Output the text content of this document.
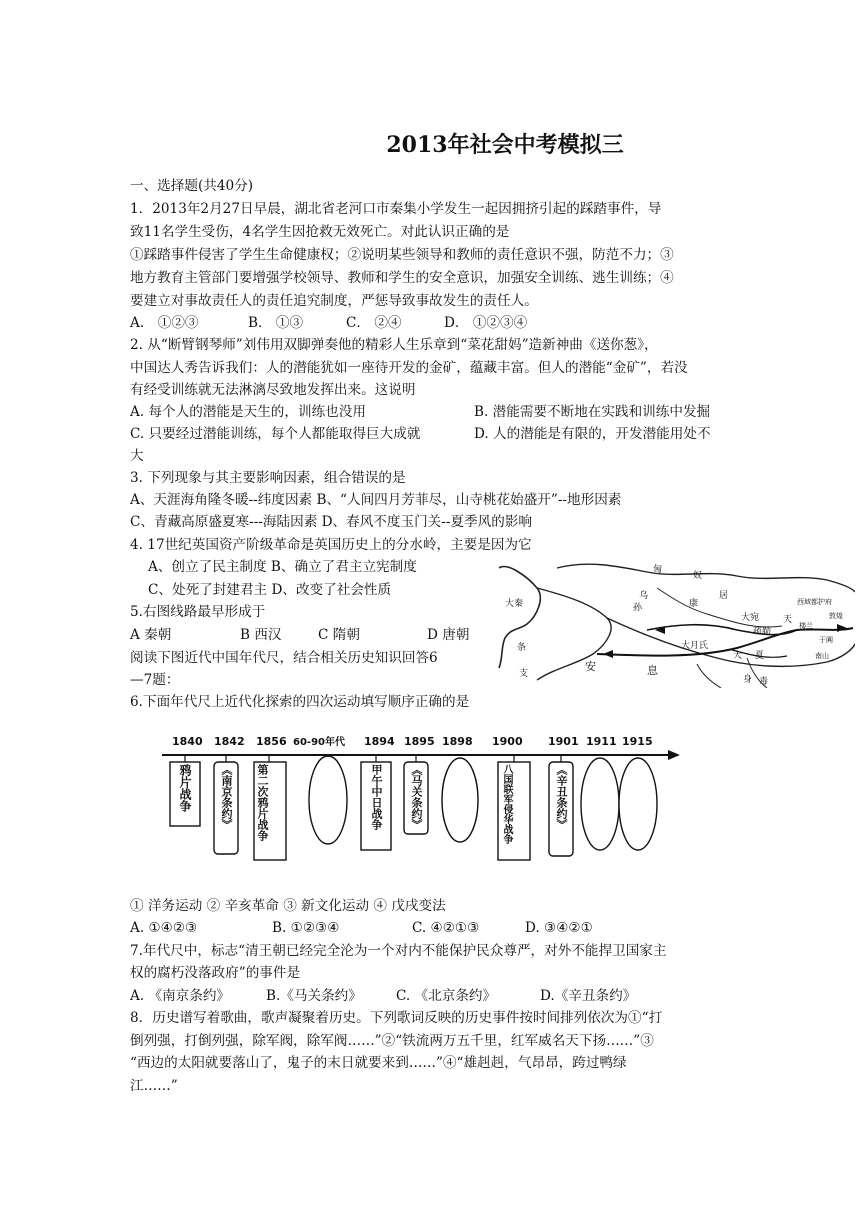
2013年社会中考模拟三
一、选择题(共40分)
1．2013年2月27日早晨，湖北省老河口市秦集小学发生一起因拥挤引起的踩踏事件，导
致11名学生受伤，4名学生因抢救无效死亡。对此认识正确的是
①踩踏事件侵害了学生生命健康权；②说明某些领导和教师的责任意识不强，防范不力；③
地方教育主管部门要增强学校领导、教师和学生的安全意识，加强安全训练、逃生训练；④
要建立对事故责任人的责任追究制度，严惩导致事故发生的责任人。
A． ①②③	B． ①③	C． ②④	D． ①②③④
2. 从“断臂钢琴师”刘伟用双脚弹奏他的精彩人生乐章到“菜花甜妈”造新神曲《送你葱》，
中国达人秀告诉我们：人的潜能犹如一座待开发的金矿，蕴藏丰富。但人的潜能“金矿”，若没
有经受训练就无法淋漓尽致地发挥出来。这说明
A. 每个人的潜能是天生的，训练也没用	B. 潜能需要不断地在实践和训练中发掘
C. 只要经过潜能训练，每个人都能取得巨大成就	D. 人的潜能是有限的，开发潜能用处不
大
3. 下列现象与其主要影响因素，组合错误的是
A、天涯海角隆冬暖--纬度因素 B、“人间四月芳菲尽，山寺桃花始盛开”--地形因素
C、青藏高原盛夏寒---海陆因素 D、春风不度玉门关--夏季风的影响
4. 17世纪英国资产阶级革命是英国历史上的分水岭，主要是因为它
A、创立了民主制度 B、确立了君主立宪制度
C、处死了封建君主 D、改变了社会性质
5.右图线路最早形成于
A 秦朝	B 西汉	C 隋朝	D 唐朝
阅读下图近代中国年代尺，结合相关历史知识回答6
—7题：
匈
奴
乌
孙	康
居
大宛
疏勒
西域都护府
敦煌
楼兰
于阗
大月氏
大秦
条
支
安	息
大 夏
身 毒
南山
天
6.下面年代尺上近代化探索的四次运动填写顺序正确的是
1840 1842 1856 60-90年代 1894 1895 1898 1900 1901 1911 1915
鸦片战争	《南京条约》	第二次鸦片战争	甲午中日战争	《马关条约》	八国联军侵华战争	《辛丑条约》
① 洋务运动 ② 辛亥革命 ③ 新文化运动 ④ 戊戌变法
A. ①④②③	B. ①②③④	C. ④②①③	D. ③④②①
7.年代尺中，标志“清王朝已经完全沦为一个对内不能保护民众尊严，对外不能捍卫国家主
权的腐朽没落政府”的事件是
A. 《南京条约》	B.《马关条约》	C. 《北京条约》	D.《辛丑条约》
8．历史谱写着歌曲，歌声凝聚着历史。下列歌词反映的历史事件按时间排列依次为①“打
倒列强，打倒列强，除军阀，除军阀……”②“铁流两万五千里，红军威名天下扬……”③
“西边的太阳就要落山了，鬼子的末日就要来到……”④“雄赳赳，气昂昂，跨过鸭绿
江……”
